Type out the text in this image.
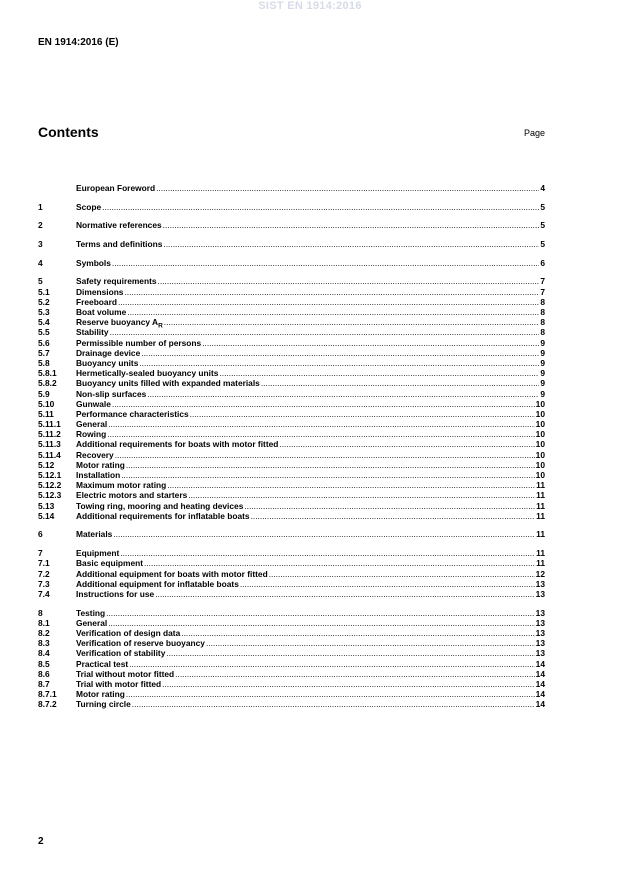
SIST EN 1914:2016
EN 1914:2016 (E)
Contents	Page
European Foreword .....	4
1	Scope .....	5
2	Normative references .....	5
3	Terms and definitions .....	5
4	Symbols .....	6
5	Safety requirements .....	7
5.1	Dimensions .....	7
5.2	Freeboard .....	8
5.3	Boat volume .....	8
5.4	Reserve buoyancy $A_R$ .....	8
5.5	Stability .....	8
5.6	Permissible number of persons .....	9
5.7	Drainage device .....	9
5.8	Buoyancy units .....	9
5.8.1	Hermetically-sealed buoyancy units .....	9
5.8.2	Buoyancy units filled with expanded materials .....	9
5.9	Non-slip surfaces .....	9
5.10	Gunwale .....	10
5.11	Performance characteristics .....	10
5.11.1	General .....	10
5.11.2	Rowing .....	10
5.11.3	Additional requirements for boats with motor fitted .....	10
5.11.4	Recovery .....	10
5.12	Motor rating .....	10
5.12.1	Installation .....	10
5.12.2	Maximum motor rating .....	11
5.12.3	Electric motors and starters .....	11
5.13	Towing ring, mooring and heating devices .....	11
5.14	Additional requirements for inflatable boats .....	11
6	Materials .....	11
7	Equipment .....	11
7.1	Basic equipment .....	11
7.2	Additional equipment for boats with motor fitted .....	12
7.3	Additional equipment for inflatable boats .....	13
7.4	Instructions for use .....	13
8	Testing .....	13
8.1	General .....	13
8.2	Verification of design data .....	13
8.3	Verification of reserve buoyancy .....	13
8.4	Verification of stability .....	13
8.5	Practical test .....	14
8.6	Trial without motor fitted .....	14
8.7	Trial with motor fitted .....	14
8.7.1	Motor rating .....	14
8.7.2	Turning circle .....	14
2
